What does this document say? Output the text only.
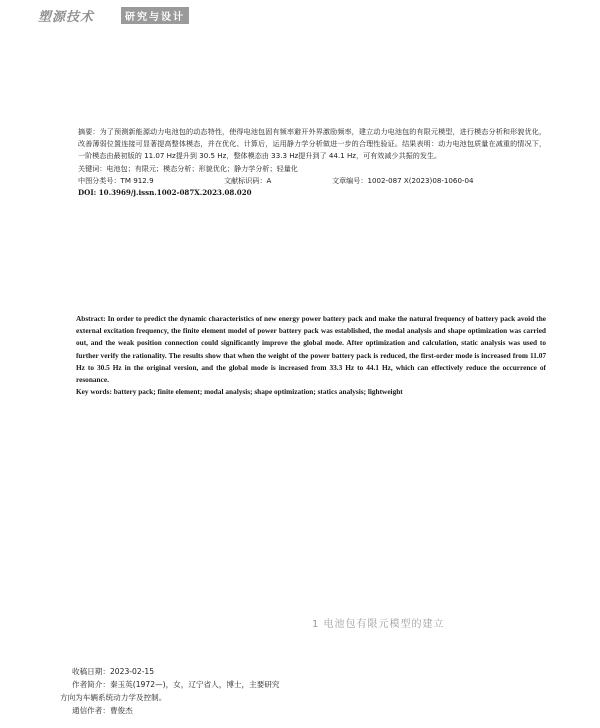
塑源技术	研究与设计

摘要：为了预测新能源动力电池包的动态特性，使得电池包固有频率避开外界激励频率，建立动力电池包的有限元模型，进行模态分析和形貌优化，改善薄弱位置连接可显著提高整体模态，并在优化、计算后，运用静力学分析做进一步的合理性验证。结果表明：动力电池包质量在减重的情况下，一阶模态由最初版的 11.07 Hz提升到 30.5 Hz，整体模态由 33.3 Hz提升到了 44.1 Hz，可有效减少共振的发生。

关键词：电池包；有限元；模态分析；形貌优化；静力学分析；轻量化

中图分类号：TM 912.9	文献标识码：A	文章编号：1002-087 X(2023)08-1060-04

DOI: 10.3969/j.issn.1002-087X.2023.08.020

Abstract: In order to predict the dynamic characteristics of new energy power battery pack and make the natural frequency of battery pack avoid the external excitation frequency, the finite element model of power battery pack was established, the modal analysis and shape optimization was carried out, and the weak position connection could significantly improve the global mode. After optimization and calculation, static analysis was used to further verify the rationality. The results show that when the weight of the power battery pack is reduced, the first-order mode is increased from 11.07 Hz to 30.5 Hz in the original version, and the global mode is increased from 33.3 Hz to 44.1 Hz, which can effectively reduce the occurrence of resonance.

Key words: battery pack; finite element; modal analysis; shape optimization; statics analysis; lightweight

1 电池包有限元模型的建立
收稿日期：2023-02-15
作者简介：秦玉英(1972—)，女，辽宁省人，博士，主要研究
方向为车辆系统动力学及控制。
通信作者：曹俊杰
